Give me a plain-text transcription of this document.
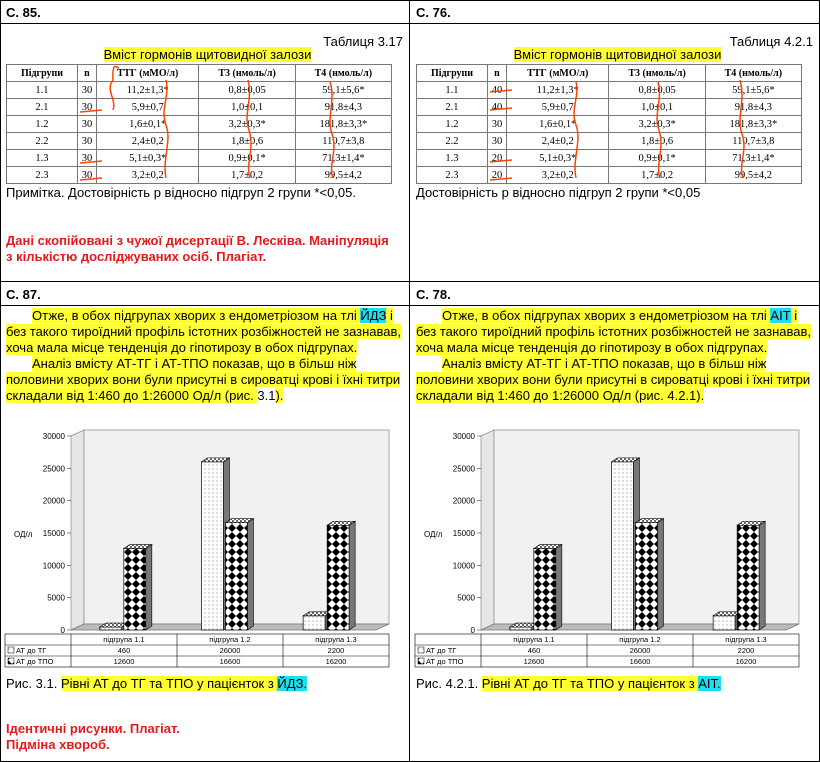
С. 85.
Таблиця 3.17
Вміст гормонів щитовидної залози
Підгрупи	n	ТТГ (мМО/л)	Т3 (нмоль/л)	Т4 (нмоль/л)
1.1	30	11,2±1,3*	0,8±0,05	59,1±5,6*
2.1	30	5,9±0,7	1,0±0,1	91,8±4,3
1.2	30	1,6±0,1*	3,2±0,3*	181,8±3,3*
2.2	30	2,4±0,2	1,8±0,6	110,7±3,8
1.3	30	5,1±0,3*	0,9±0,1*	71,3±1,4*
2.3	30	3,2±0,2	1,7±0,2	99,5±4,2
Примітка. Достовірність р відносно підгруп 2 групи *<0,05.
Дані скопійовані з чужої дисертації В. Лесківа. Маніпуляція з кількістю досліджуваних осіб. Плагіат.
С. 76.
Таблиця 4.2.1
Вміст гормонів щитовидної залози
Підгрупи	n	ТТГ (мМО/л)	Т3 (нмоль/л)	Т4 (нмоль/л)
1.1	40	11,2±1,3*	0,8±0,05	59,1±5,6*
2.1	40	5,9±0,7	1,0±0,1	91,8±4,3
1.2	30	1,6±0,1*	3,2±0,3*	181,8±3,3*
2.2	30	2,4±0,2	1,8±0,6	110,7±3,8
1.3	20	5,1±0,3*	0,9±0,1*	71,3±1,4*
2.3	20	3,2±0,2	1,7±0,2	99,5±4,2
Достовірність р відносно підгруп 2 групи *<0,05
С. 87.
Отже, в обох підгрупах хворих з ендометріозом на тлі ЙДЗ і без такого тироїдний профіль істотних розбіжностей не зазнавав, хоча мала місце тенденція до гіпотирозу в обох підгрупах.
Аналіз вмісту АТ-ТГ і АТ-ТПО показав, що в більш ніж половини хворих вони були присутні в сироватці крові і їхні титри складали від 1:460 до 1:26000 Од/л (рис. 3.1).
0
5000
10000
15000
20000
25000
30000
ОД/л
підгрупа 1.1	підгрупа 1.2	підгрупа 1.3
АТ до ТГ	460	26000	2200
АТ до ТПО	12600	16600	16200
Рис. 3.1. Рівні АТ до ТГ та ТПО у пацієнток з ЙДЗ.
Ідентичні рисунки. Плагіат. Підміна хвороб.
С. 78.
Отже, в обох підгрупах хворих з ендометріозом на тлі АІТ і без такого тироїдний профіль істотних розбіжностей не зазнавав, хоча мала місце тенденція до гіпотирозу в обох підгрупах.
Аналіз вмісту АТ-ТГ і АТ-ТПО показав, що в більш ніж половини хворих вони були присутні в сироватці крові і їхні титри складали від 1:460 до 1:26000 Од/л (рис. 4.2.1).
0
5000
10000
15000
20000
25000
30000
ОД/л
підгрупа 1.1	підгрупа 1.2	підгрупа 1.3
АТ до ТГ	460	26000	2200
АТ до ТПО	12600	16600	16200
Рис. 4.2.1. Рівні АТ до ТГ та ТПО у пацієнток з АІТ.
